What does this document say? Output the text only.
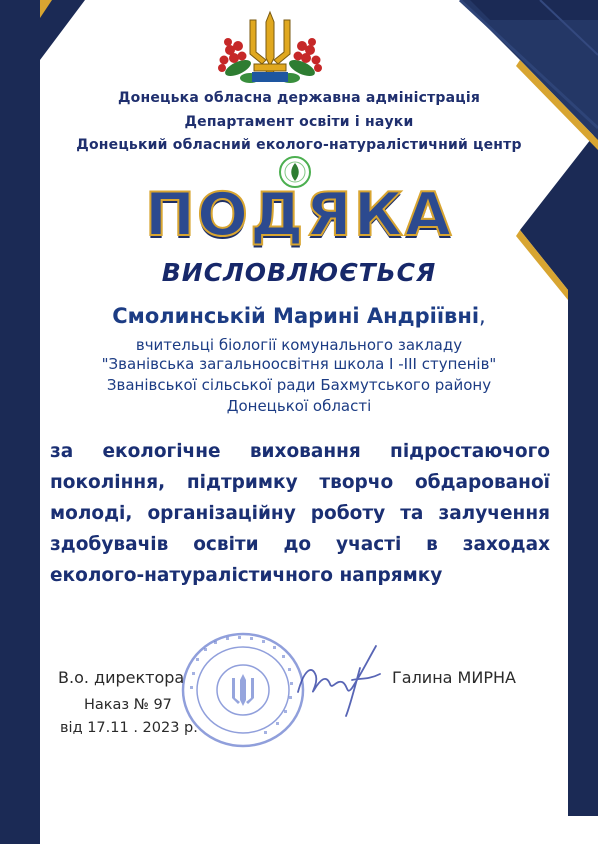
Донецька обласна державна адміністрація
Департамент освіти і науки
Донецький обласний еколого-натуралістичний центр
ПОДЯКА
ВИСЛОВЛЮЄТЬСЯ
Смолинській Марині Андріївні,
вчительці біології комунального закладу
"Званівська загальноосвітня школа І -ІІІ ступенів"
Званівської сільської ради Бахмутського району
Донецької області
за екологічне виховання підростаючого покоління, підтримку творчо обдарованої молоді, організаційну роботу та залучення здобувачів освіти до участі в заходах еколого-натуралістичного напрямку
В.о. директора	Галина МИРНА
Наказ № 97
від 17.11 . 2023 р.
